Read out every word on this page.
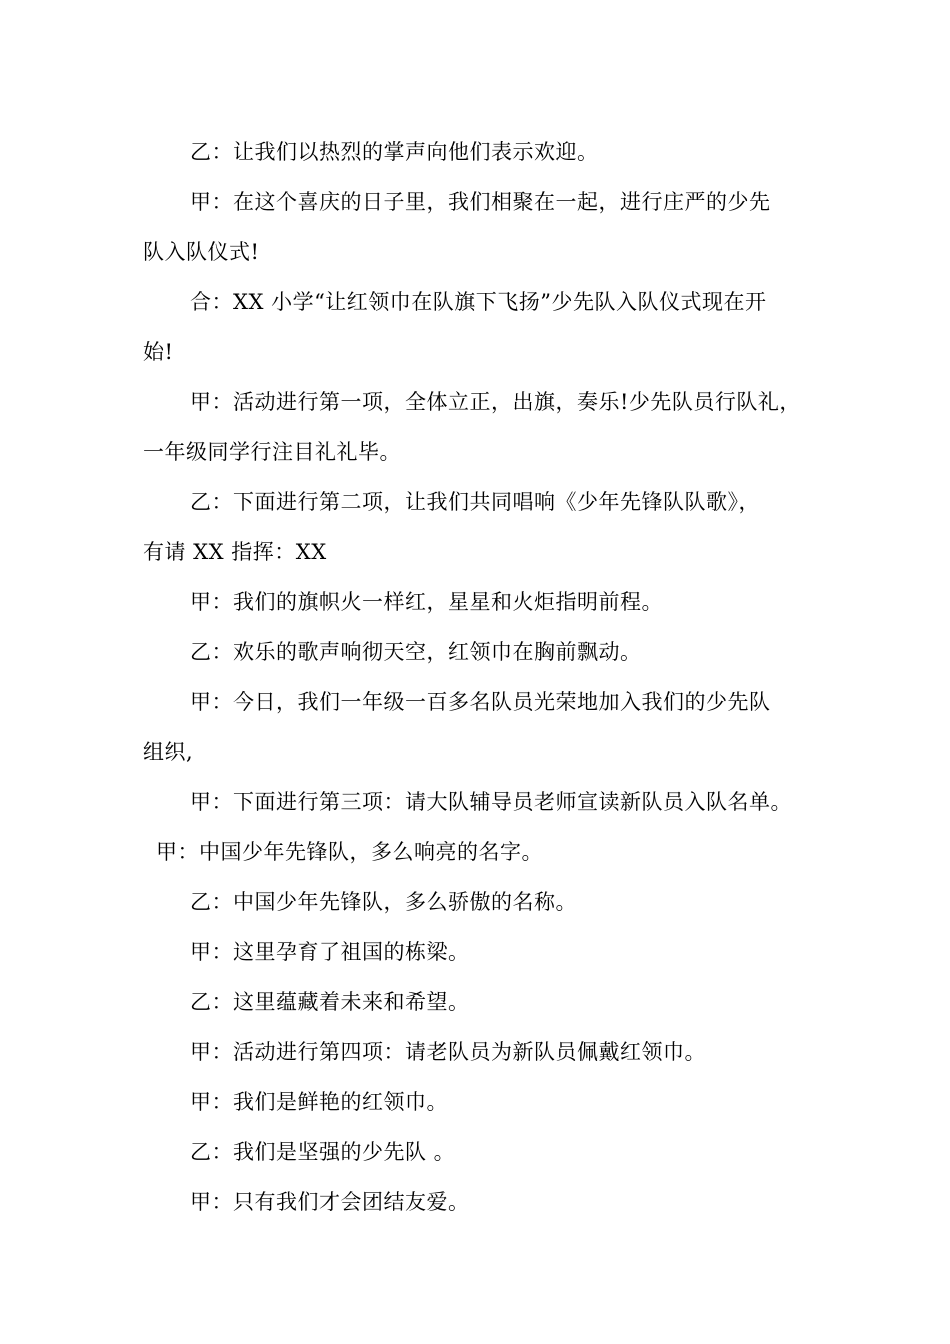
乙：让我们以热烈的掌声向他们表示欢迎。
甲：在这个喜庆的日子里，我们相聚在一起，进行庄严的少先
队入队仪式!
合：XX 小学“让红领巾在队旗下飞扬”少先队入队仪式现在开
始!
甲：活动进行第一项，全体立正，出旗，奏乐!少先队员行队礼，
一年级同学行注目礼礼毕。
乙：下面进行第二项，让我们共同唱响《少年先锋队队歌》，
有请 XX 指挥：XX
甲：我们的旗帜火一样红，星星和火炬指明前程。
乙：欢乐的歌声响彻天空，红领巾在胸前飘动。
甲：今日，我们一年级一百多名队员光荣地加入我们的少先队
组织,
甲：下面进行第三项：请大队辅导员老师宣读新队员入队名单。
甲：中国少年先锋队，多么响亮的名字。
乙：中国少年先锋队，多么骄傲的名称。
甲：这里孕育了祖国的栋梁。
乙：这里蕴藏着未来和希望。
甲：活动进行第四项：请老队员为新队员佩戴红领巾。
甲：我们是鲜艳的红领巾。
乙：我们是坚强的少先队 。
甲：只有我们才会团结友爱。
